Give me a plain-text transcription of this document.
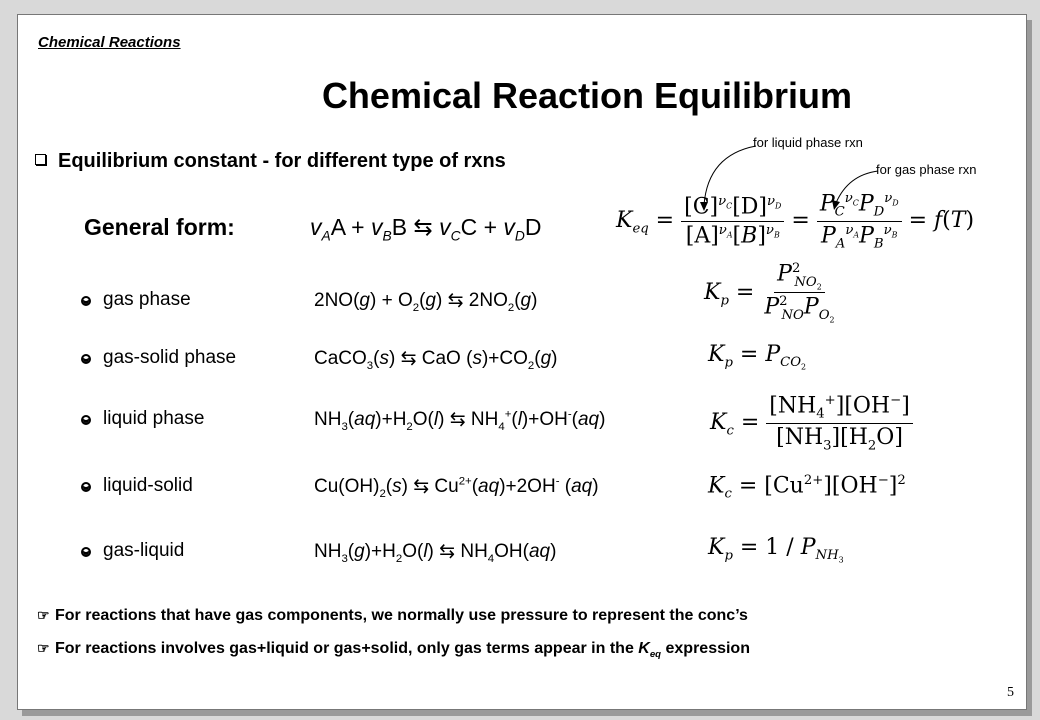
Chemical Reactions
Chemical Reaction Equilibrium
for liquid phase rxn
for gas phase rxn
Equilibrium constant - for different type of rxns
General form:	$v_AA + v_BB$ ⇆ $v_CC + v_DD$	$K_{eq} = \frac{[C]^{\nu_C}[D]^{\nu_D}}{[A]^{\nu_A}[B]^{\nu_B}} = \frac{P_C^{\nu_C}P_D^{\nu_D}}{P_A^{\nu_A}P_B^{\nu_B}} = f(T)$
gas phase	$2NO(g) + O_2(g)$ ⇆ $2NO_2(g)$	$K_p = \frac{P^2_{NO_2}}{P^2_{NO}P_{O_2}}$
gas-solid phase	CaCO$_3$(s) ⇆ CaO $(s)+CO_2(g)$	$K_p = P_{CO_2}$
liquid phase	$NH_3(aq)+H_2O(l)$ ⇆ $NH_4^+(l)+OH^-(aq)$	$K_c = \frac{[NH_4^+][OH^-]}{[NH_3][H_2O]}$
liquid-solid	$Cu(OH)_2(s)$ ⇆ $Cu^{2+}(aq)+2OH^-$ (aq)	$K_c = [Cu^{2+}][OH^-]^2$
gas-liquid	$NH_3(g)+H_2O(l)$ ⇆ $NH_4OH(aq)$	$K_p = 1 / P_{NH_3}$
☞ For reactions that have gas components, we normally use pressure to represent the conc’s
☞ For reactions involves gas+liquid or gas+solid, only gas terms appear in the $K_{eq}$ expression
5
